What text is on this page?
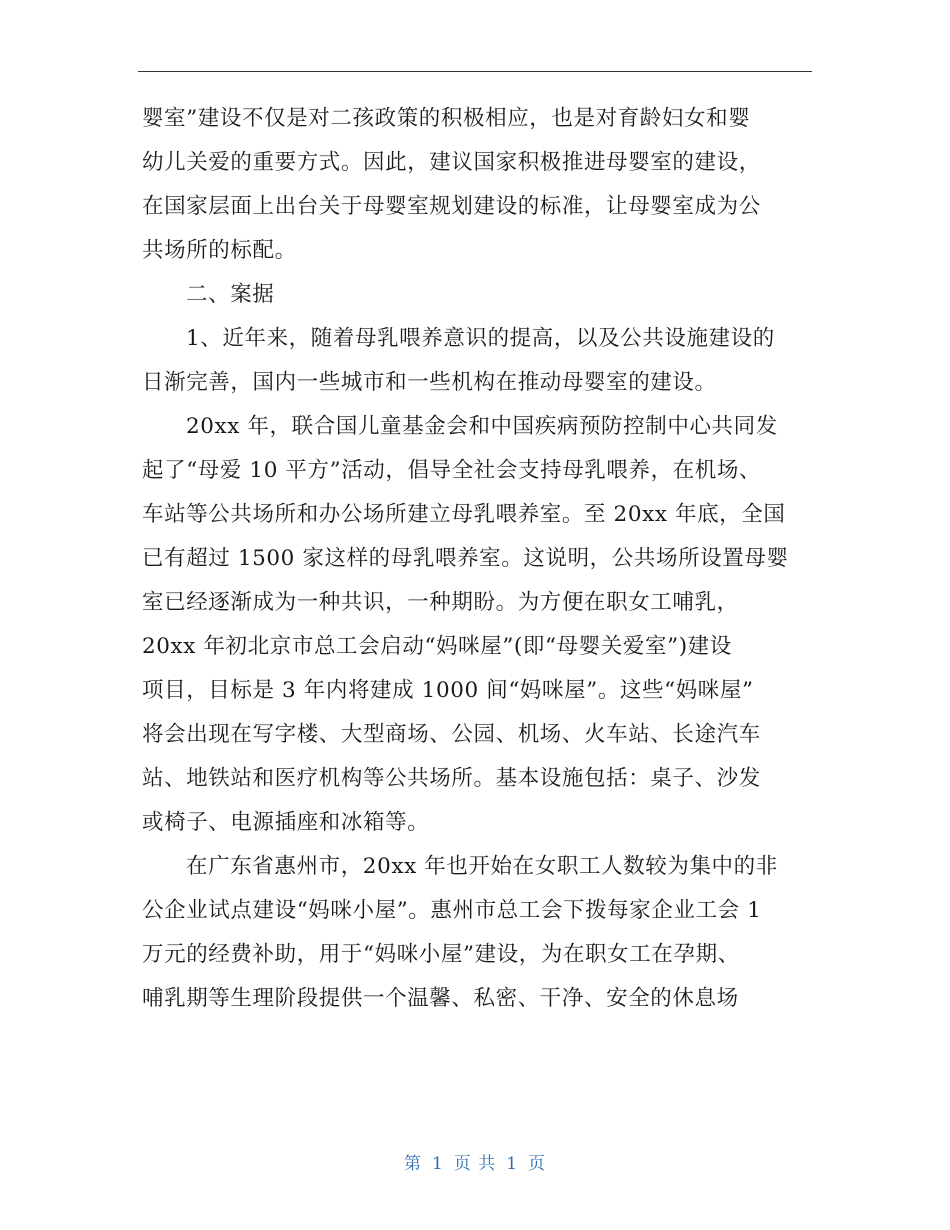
婴室”建设不仅是对二孩政策的积极相应，也是对育龄妇女和婴
幼儿关爱的重要方式。因此，建议国家积极推进母婴室的建设，
在国家层面上出台关于母婴室规划建设的标准，让母婴室成为公
共场所的标配。
二、案据
1、近年来，随着母乳喂养意识的提高，以及公共设施建设的
日渐完善，国内一些城市和一些机构在推动母婴室的建设。
20xx 年，联合国儿童基金会和中国疾病预防控制中心共同发
起了“母爱 10 平方”活动，倡导全社会支持母乳喂养，在机场、
车站等公共场所和办公场所建立母乳喂养室。至 20xx 年底，全国
已有超过 1500 家这样的母乳喂养室。这说明，公共场所设置母婴
室已经逐渐成为一种共识，一种期盼。为方便在职女工哺乳，
20xx 年初北京市总工会启动“妈咪屋”(即“母婴关爱室”)建设
项目，目标是 3 年内将建成 1000 间“妈咪屋”。这些“妈咪屋”
将会出现在写字楼、大型商场、公园、机场、火车站、长途汽车
站、地铁站和医疗机构等公共场所。基本设施包括：桌子、沙发
或椅子、电源插座和冰箱等。
在广东省惠州市，20xx 年也开始在女职工人数较为集中的非
公企业试点建设“妈咪小屋”。惠州市总工会下拨每家企业工会 1
万元的经费补助，用于“妈咪小屋”建设，为在职女工在孕期、
哺乳期等生理阶段提供一个温馨、私密、干净、安全的休息场
第 1 页 共 1 页
